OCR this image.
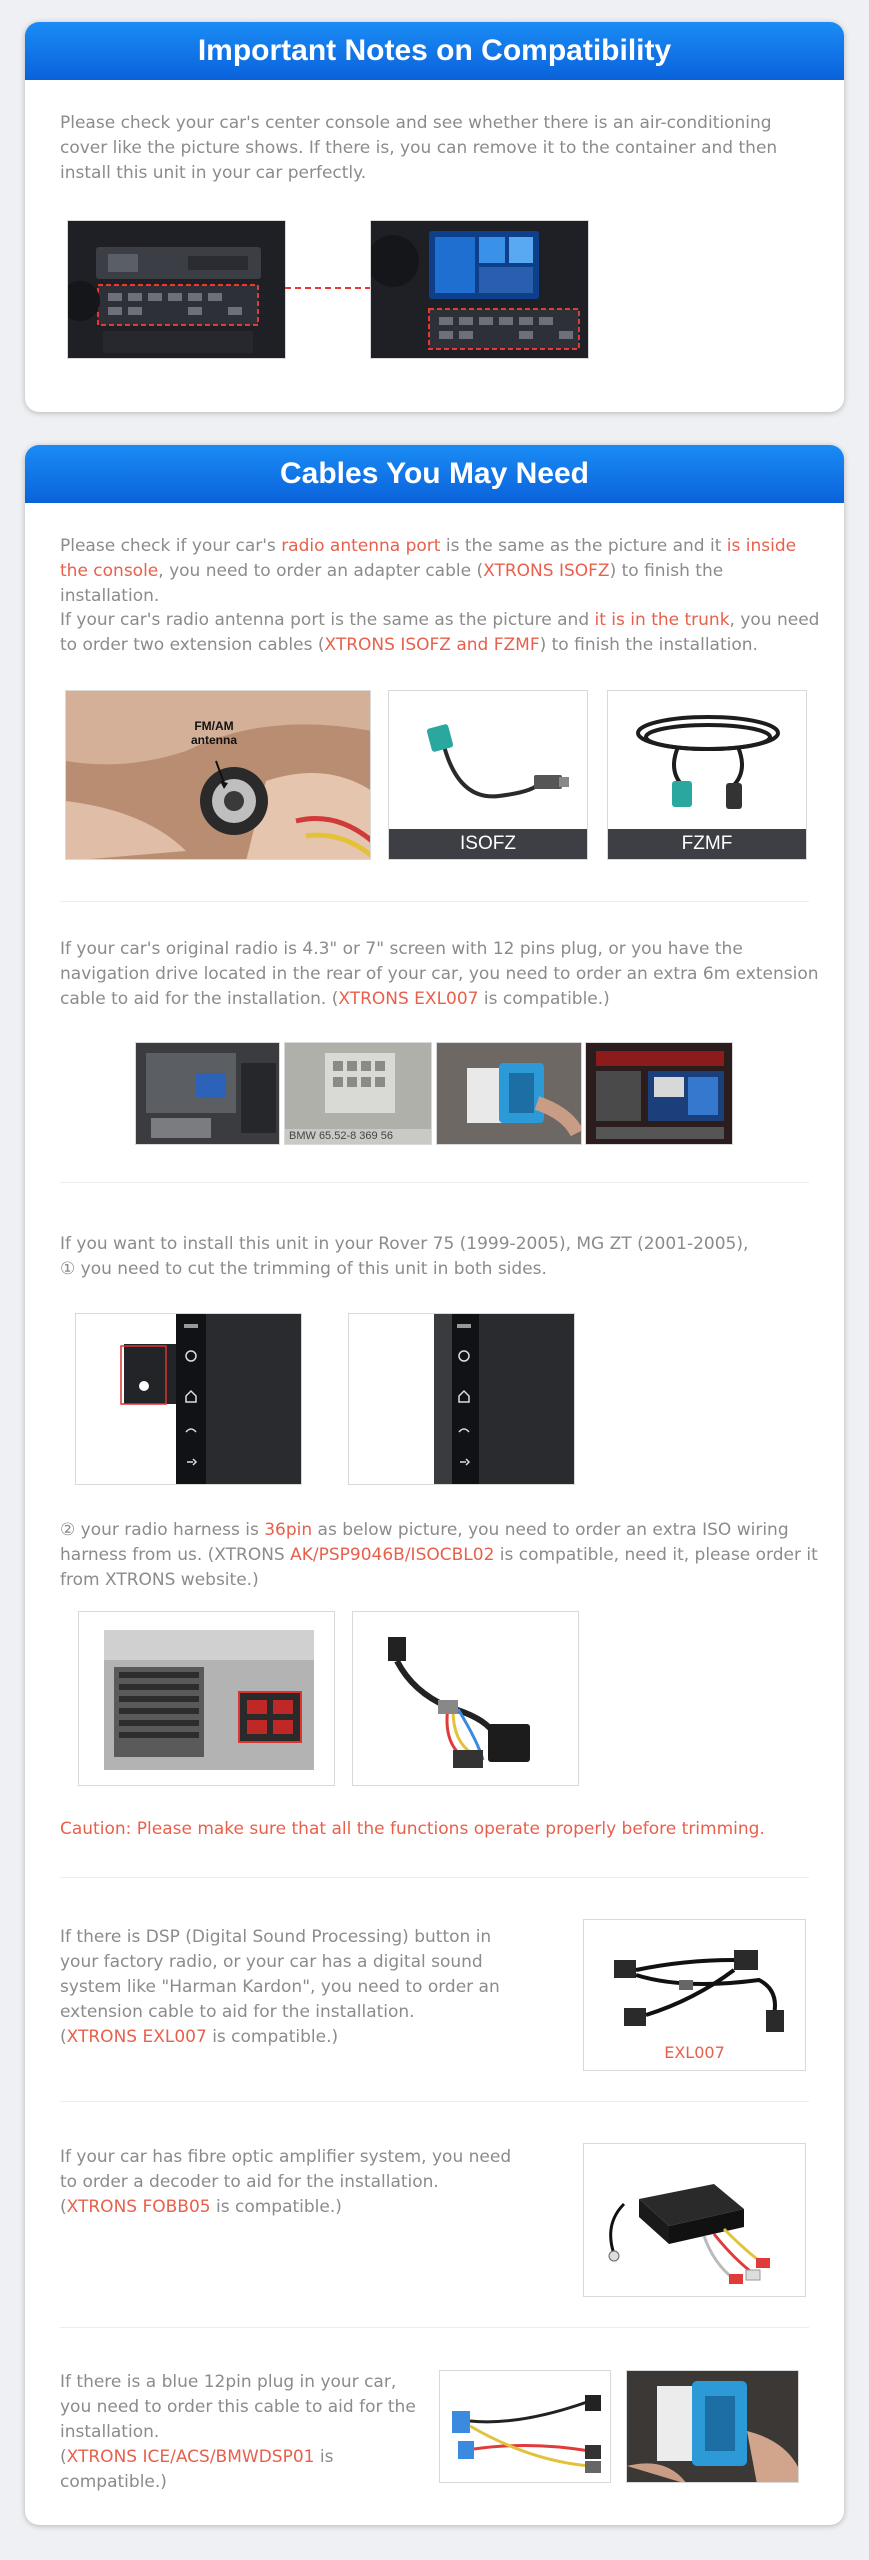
Important Notes on Compatibility
Please check your car's center console and see whether there is an air-conditioning cover like the picture shows. If there is, you can remove it to the container and then install this unit in your car perfectly.
Cables You May Need
Please check if your car's radio antenna port is the same as the picture and it is inside the console, you need to order an adapter cable (XTRONS ISOFZ) to finish the installation.
If your car's radio antenna port is the same as the picture and it is in the trunk, you need to order two extension cables (XTRONS ISOFZ and FZMF) to finish the installation.
FM/AM
antenna
ISOFZ	FZMF
If your car's original radio is 4.3" or 7" screen with 12 pins plug, or you have the navigation drive located in the rear of your car, you need to order an extra 6m extension cable to aid for the installation. (XTRONS EXL007 is compatible.)
BMW 65.52-8 369 56
If you want to install this unit in your Rover 75 (1999-2005), MG ZT (2001-2005),
① you need to cut the trimming of this unit in both sides.
② your radio harness is 36pin as below picture, you need to order an extra ISO wiring harness from us. (XTRONS AK/PSP9046B/ISOCBL02 is compatible, need it, please order it from XTRONS website.)
Caution: Please make sure that all the functions operate properly before trimming.
If there is DSP (Digital Sound Processing) button in your factory radio, or your car has a digital sound system like "Harman Kardon", you need to order an extension cable to aid for the installation.
(XTRONS EXL007 is compatible.)
EXL007
If your car has fibre optic amplifier system, you need to order a decoder to aid for the installation.
(XTRONS FOBB05 is compatible.)
If there is a blue 12pin plug in your car, you need to order this cable to aid for the installation.
(XTRONS ICE/ACS/BMWDSP01 is compatible.)
